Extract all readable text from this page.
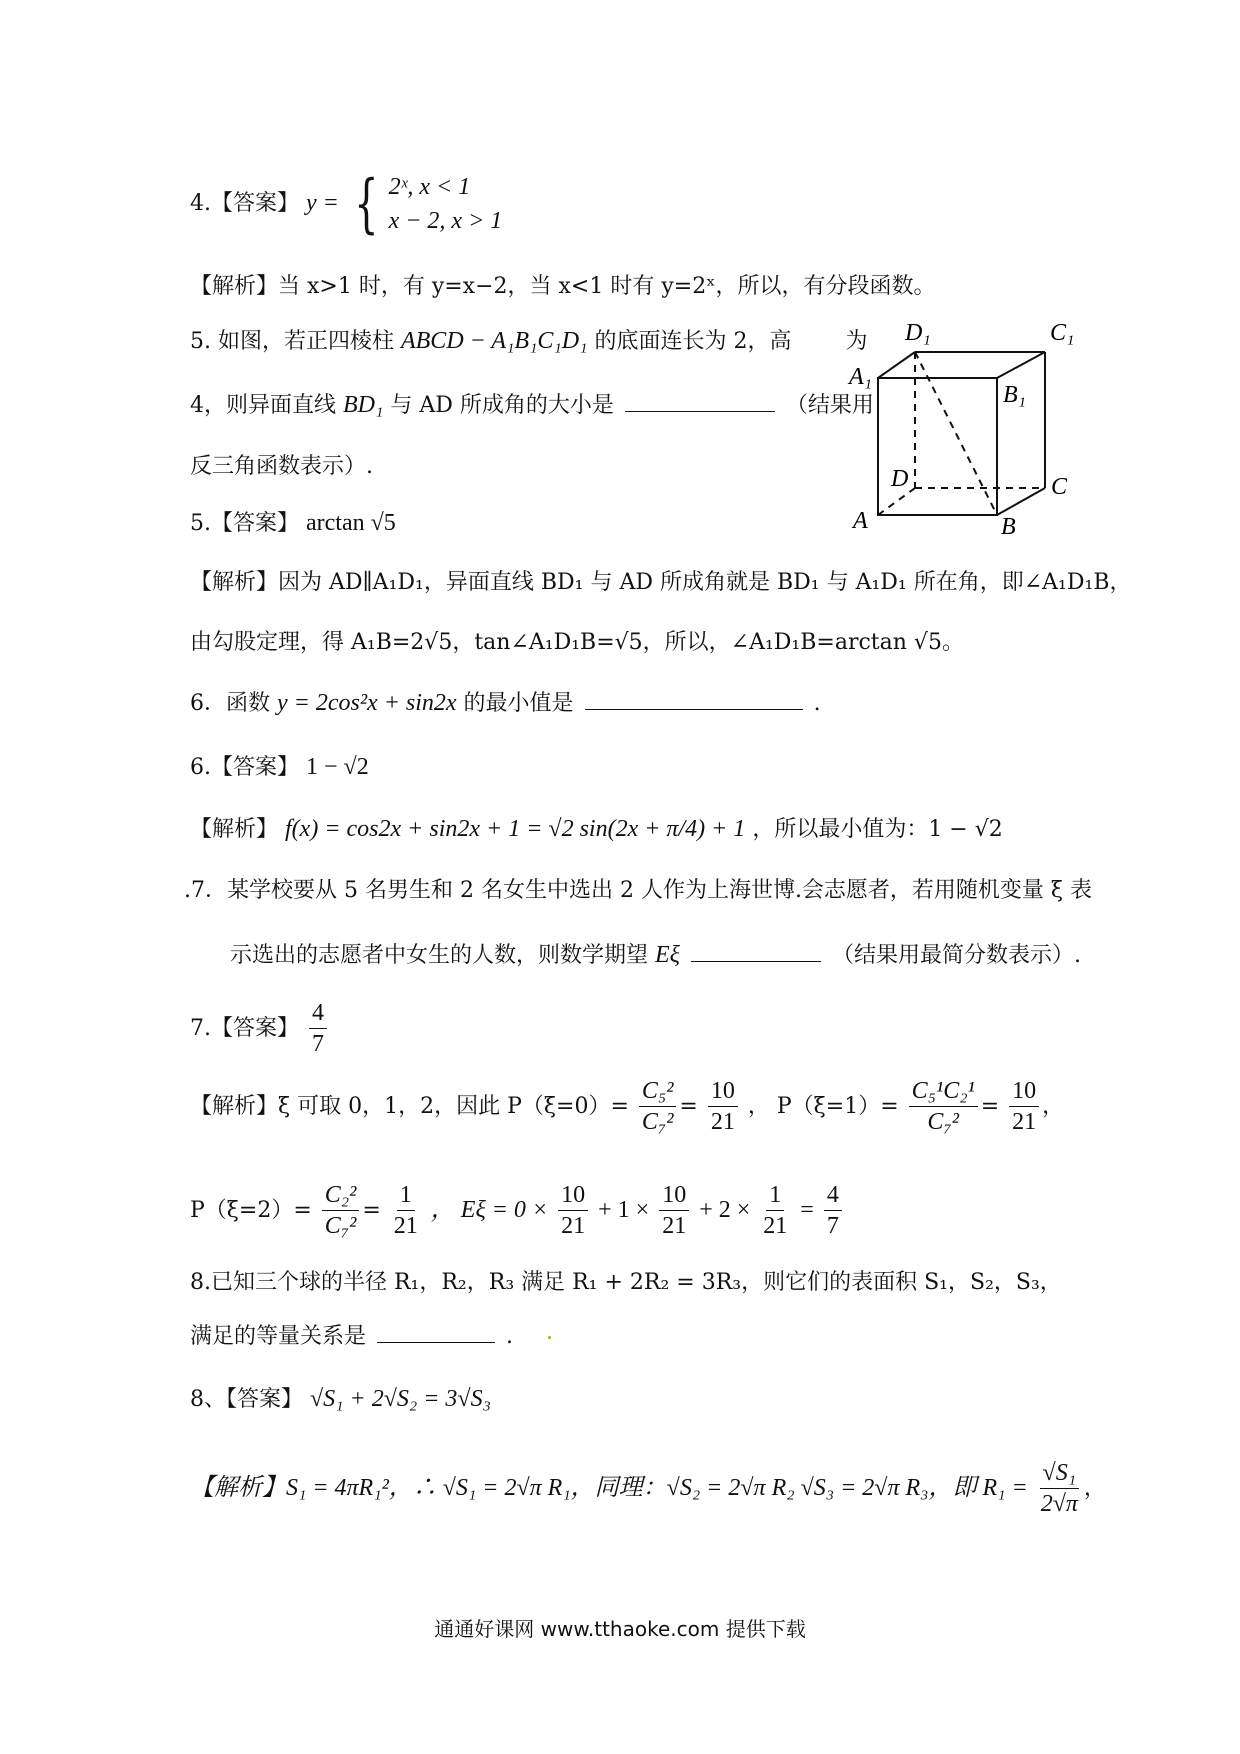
4.【答案】 y = { 2ˣ, x < 1
x − 2, x > 1
【解析】当 x>1 时，有 y=x−2，当 x<1 时有 y=2ˣ，所以，有分段函数。
5. 如图，若正四棱柱 ABCD − A₁B₁C₁D₁ 的底面连长为 2，高 为
4，则异面直线 BD₁ 与 AD 所成角的大小是	（结果用
反三角函数表示）.
5.【答案】 arctan √5
D₁	C₁
A₁
B₁
D	C
A	B
【解析】因为 AD∥A₁D₁，异面直线 BD₁ 与 AD 所成角就是 BD₁ 与 A₁D₁ 所在角，即∠A₁D₁B，
由勾股定理，得 A₁B=2√5，tan∠A₁D₁B=√5，所以，∠A₁D₁B=arctan √5。
6．函数 y = 2cos²x + sin2x 的最小值是	.
6.【答案】 1 − √2
【解析】 f(x) = cos2x + sin2x + 1 = √2 sin(2x + π/4) + 1 ，所以最小值为：1 − √2
.7．某学校要从 5 名男生和 2 名女生中选出 2 人作为上海世博.会志愿者，若用随机变量 ξ 表
示选出的志愿者中女生的人数，则数学期望 Eξ	（结果用最简分数表示）.
7.【答案】 $\frac{4}{7}$
【解析】ξ 可取 0，1，2，因此 $P(\xi=0)= \frac{\text{C₅²}}{\text{C₇²}} = \frac{10}{21}$ ， $P(\xi=1)= \frac{\text{C₅¹C₂¹}}{\text{C₇²}} = \frac{10}{21}$ ，
$P(\xi=2)= \frac{\text{C₂²}}{\text{C₇²}} = \frac{1}{21}$ ， $E\xi = 0 \times \frac{10}{21} + 1 \times \frac{10}{21} + 2 \times \frac{1}{21} = \frac{4}{7}$
8.已知三个球的半径 R₁，R₂，R₃ 满足 R₁ + 2R₂ = 3R₃，则它们的表面积 S₁，S₂，S₃，
满足的等量关系是	.
8、【答案】 √S₁ + 2√S₂ = 3√S₃
【解析】S₁ = 4πR₁²，∴ √S₁ = 2√π R₁，同理：√S₂ = 2√π R₂ √S₃ = 2√π R₃，即 $R_1 = \frac{\text{√S₁}}{2√\pi}$ ，
通通好课网 www.tthaoke.com 提供下载
